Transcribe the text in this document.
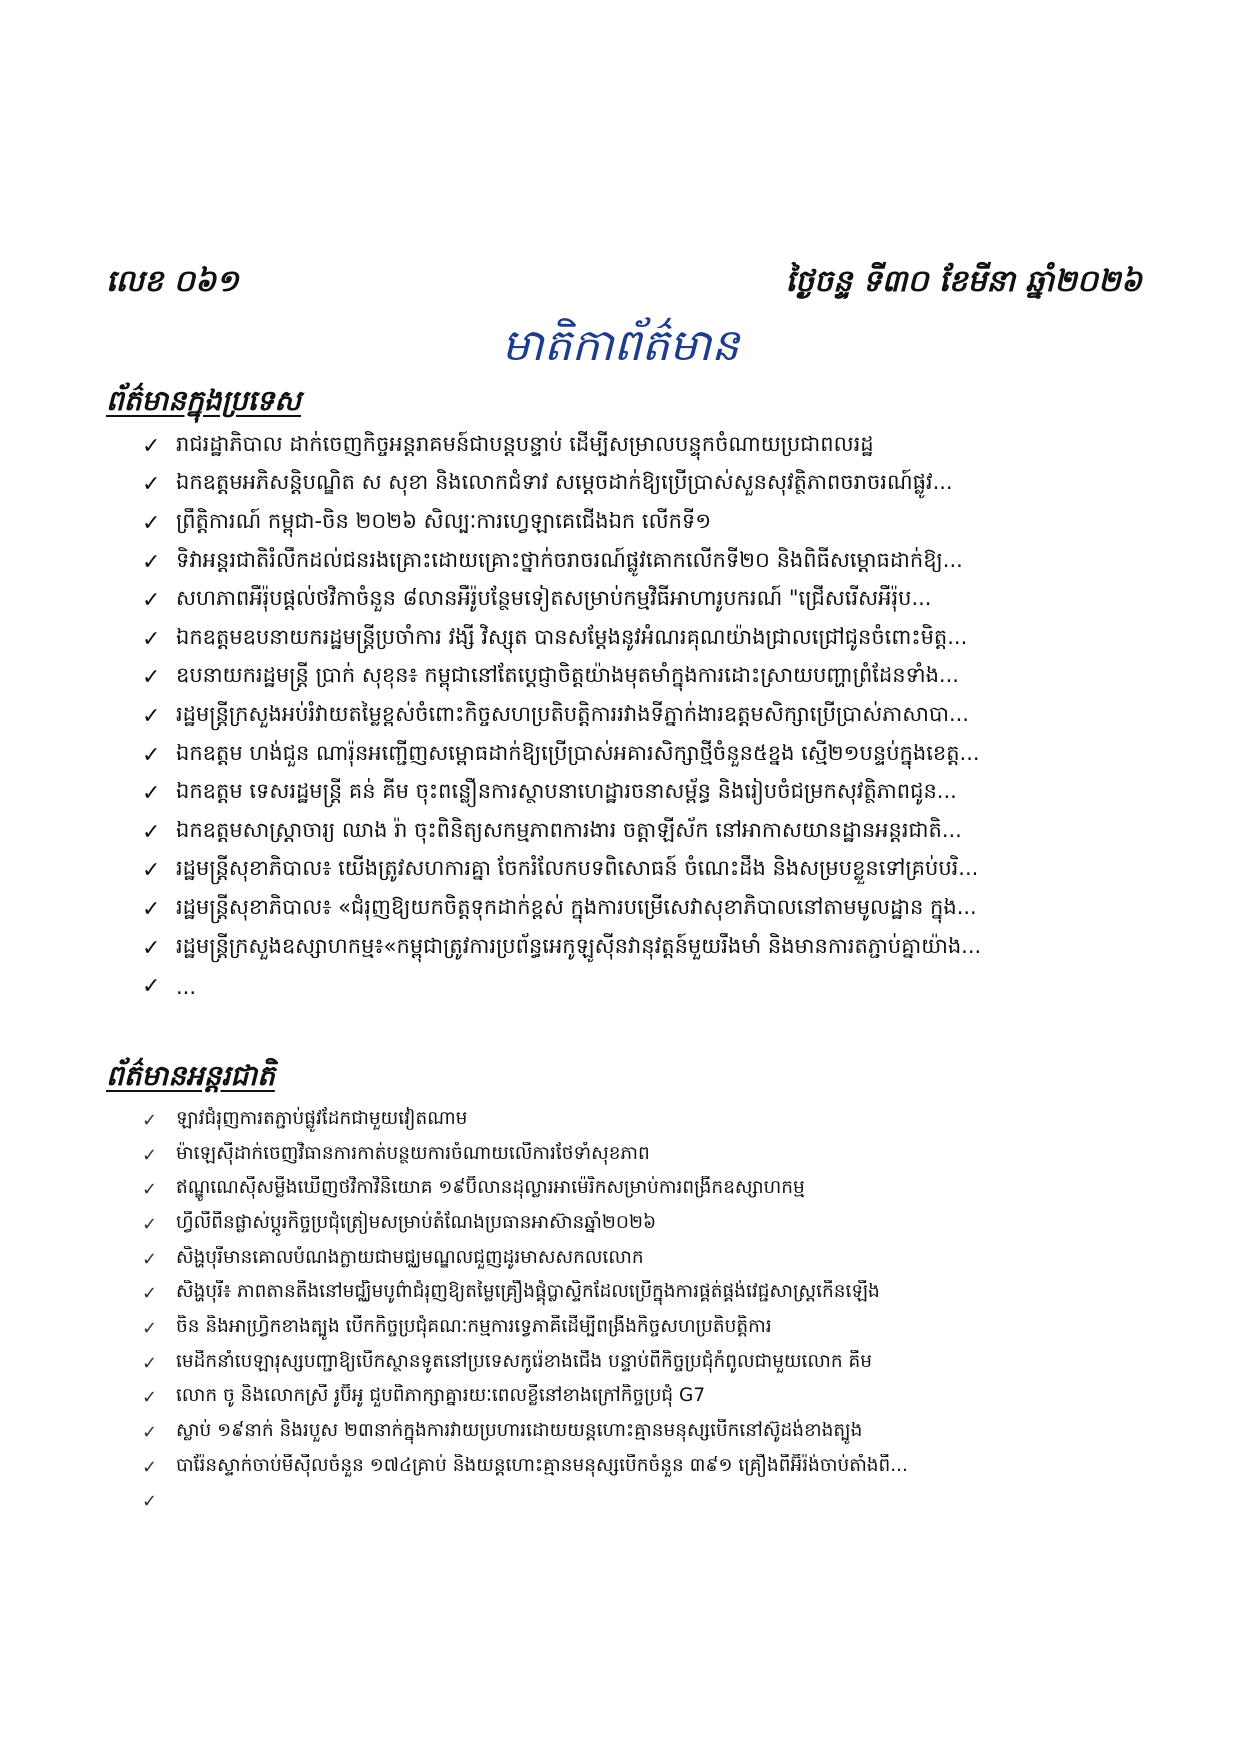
លេខ ០៦១	ថ្ងៃចន្ទ ទី៣០ ខែមីនា ឆ្នាំ២០២៦
មាតិកាព័ត៌មាន
ព័ត៌មានក្នុងប្រទេស
✓ រាជរដ្ឋាភិបាល ដាក់ចេញកិច្ចអន្តរាគមន៍ជាបន្តបន្ទាប់ ដើម្បីសម្រាលបន្ទុកចំណាយប្រជាពលរដ្ឋ
✓ ឯកឧត្តមអភិសន្តិបណ្ឌិត ស សុខា និងលោកជំទាវ សម្តេចដាក់ឱ្យប្រើប្រាស់សួនសុវត្ថិភាពចរាចរណ៍ផ្លូវ...
✓ ព្រឹត្តិការណ៍ កម្ពុជា-ចិន ២០២៦ សិល្បៈការហ្វេឡាគេជើងឯក លើកទី១
✓ ទិវាអន្តរជាតិរំលឹកដល់ជនរងគ្រោះដោយគ្រោះថ្នាក់ចរាចរណ៍ផ្លូវគោកលើកទី២០ និងពិធីសម្តោធដាក់ឱ្យ...
✓ សហភាពអឺរ៉ុបផ្តល់ថវិកាចំនួន ៨លានអឺរ៉ូបន្ថែមទៀតសម្រាប់កម្មវិធីអាហារូបករណ៍ "ជ្រើសរើសអឺរ៉ុប...
✓ ឯកឧត្តមឧបនាយករដ្ឋមន្ត្រីប្រចាំការ វង្សី វិស្សុត បានសម្តែងនូវអំណរគុណយ៉ាងជ្រាលជ្រៅជូនចំពោះមិត្ត...
✓ ឧបនាយករដ្ឋមន្ត្រី ប្រាក់ សុខុន៖ កម្ពុជានៅតែប្តេជ្ញាចិត្តយ៉ាងមុតមាំក្នុងការដោះស្រាយបញ្ហាព្រំដែនទាំង...
✓ រដ្ឋមន្ត្រីក្រសួងអប់រំវាយតម្លៃខ្ពស់ចំពោះកិច្ចសហប្រតិបត្តិការរវាងទីភ្នាក់ងារឧត្តមសិក្សាប្រើប្រាស់ភាសាបា...
✓ ឯកឧត្តម ហង់ជួន ណារ៉ុនអញ្ជើញសម្ពោធដាក់ឱ្យប្រើប្រាស់អគារសិក្សាថ្មីចំនួន៥ខ្នង ស្មើ២១បន្ទប់ក្នុងខេត្ត...
✓ ឯកឧត្តម ទេសរដ្ឋមន្ត្រី គន់ គីម ចុះពន្លឿនការស្ថាបនាហេដ្ឋារចនាសម្ព័ន្ធ និងរៀបចំជម្រកសុវត្ថិភាពជូន...
✓ ឯកឧត្តមសាស្ត្រាចារ្យ ឈាង រ៉ា ចុះពិនិត្យសកម្មភាពការងារ ចត្តាឡីស័ក នៅអាកាសយានដ្ឋានអន្តរជាតិ...
✓ រដ្ឋមន្ត្រីសុខាភិបាល៖ យើងត្រូវសហការគ្នា ចែករំលែកបទពិសោធន៍ ចំណេះដឹង និងសម្របខ្លួនទៅគ្រប់បរិ...
✓ រដ្ឋមន្ត្រីសុខាភិបាល៖ «ជំរុញឱ្យយកចិត្តទុកដាក់ខ្ពស់ ក្នុងការបម្រើសេវាសុខាភិបាលនៅតាមមូលដ្ឋាន ក្នុង...
✓ រដ្ឋមន្ត្រីក្រសួងឧស្សាហកម្ម៖«កម្ពុជាត្រូវការប្រព័ន្ធអេកូឡូស៊ីនវានុវត្តន៍មួយរឹងមាំ និងមានការតភ្ជាប់គ្នាយ៉ាង...
✓ ...
ព័ត៌មានអន្តរជាតិ
✓	ឡាវជំរុញការតភ្ជាប់ផ្លូវដែកជាមួយវៀតណាម
✓	ម៉ាឡេស៊ីដាក់ចេញវិធានការកាត់បន្ថយការចំណាយលើការថែទាំសុខភាព
✓	ឥណ្ឌូណេស៊ីសម្លឹងឃើញថវិកាវិនិយោគ ១៩ប៊ីលានដុល្លារអាម៉េរិកសម្រាប់ការពង្រីកឧស្សាហកម្ម
✓	ហ្វីលីពីនផ្លាស់ប្តូរកិច្ចប្រជុំត្រៀមសម្រាប់តំណែងប្រធានអាស៊ានឆ្នាំ២០២៦
✓	សិង្ហបុរីមានគោលបំណងក្លាយជាមជ្ឈមណ្ឌលជួញដូរមាសសកលលោក
✓	សិង្ហបុរី៖ ភាពតានតឹងនៅមជ្ឈិមបូព៌ាជំរុញឱ្យតម្លៃគ្រឿងផ្គុំប្លាស្ទិកដែលប្រើក្នុងការផ្គត់ផ្គង់វេជ្ជសាស្ត្រកើនឡើង
✓	ចិន និងអាហ្វ្រិកខាងត្បូង បើកកិច្ចប្រជុំគណៈកម្មការទ្វេភាគីដើម្បីពង្រឹងកិច្ចសហប្រតិបត្តិការ
✓	មេដឹកនាំបេឡារុស្សបញ្ជាឱ្យបើកស្ថានទូតនៅប្រទេសកូរ៉េខាងជើង បន្ទាប់ពីកិច្ចប្រជុំកំពូលជាមួយលោក គីម
✓	លោក ចូ និងលោកស្រី រូប៊ីអូ ជួបពិភាក្សាគ្នារយៈពេលខ្លីនៅខាងក្រៅកិច្ចប្រជុំ G7
✓	ស្លាប់ ១៩នាក់ និងរបួស ២៣នាក់ក្នុងការវាយប្រហារដោយយន្តហោះគ្មានមនុស្សបើកនៅស៊ូដង់ខាងត្បូង
✓	បារ៉ែនស្ទាក់ចាប់មីស៊ីលចំនួន ១៧៤គ្រាប់ និងយន្តហោះគ្មានមនុស្សបើកចំនួន ៣៩១ គ្រឿងពីអ៊ីរ៉ង់ចាប់តាំងពី...
✓
